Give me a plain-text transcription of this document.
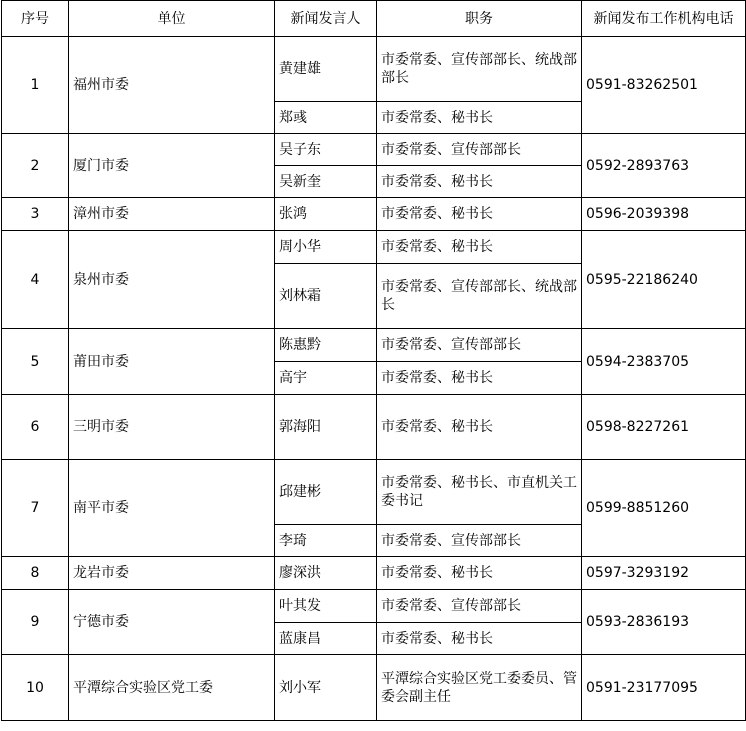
序号	单位	新闻发言人	职务	新闻发布工作机构电话
1	福州市委	黄建雄	市委常委、宣传部部长、统战部部长	0591-83262501
		郑彧	市委常委、秘书长	
2	厦门市委	吴子东	市委常委、宣传部部长	0592-2893763
		吴新奎	市委常委、秘书长	
3	漳州市委	张鸿	市委常委、秘书长	0596-2039398
4	泉州市委	周小华	市委常委、秘书长	0595-22186240
		刘林霜	市委常委、宣传部部长、统战部长	
5	莆田市委	陈惠黔	市委常委、宣传部部长	0594-2383705
		高宇	市委常委、秘书长	
6	三明市委	郭海阳	市委常委、秘书长	0598-8227261
7	南平市委	邱建彬	市委常委、秘书长、市直机关工委书记	0599-8851260
		李琦	市委常委、宣传部部长	
8	龙岩市委	廖深洪	市委常委、秘书长	0597-3293192
9	宁德市委	叶其发	市委常委、宣传部部长	0593-2836193
		蓝康昌	市委常委、秘书长	
10	平潭综合实验区党工委	刘小军	平潭综合实验区党工委委员、管委会副主任	0591-23177095
